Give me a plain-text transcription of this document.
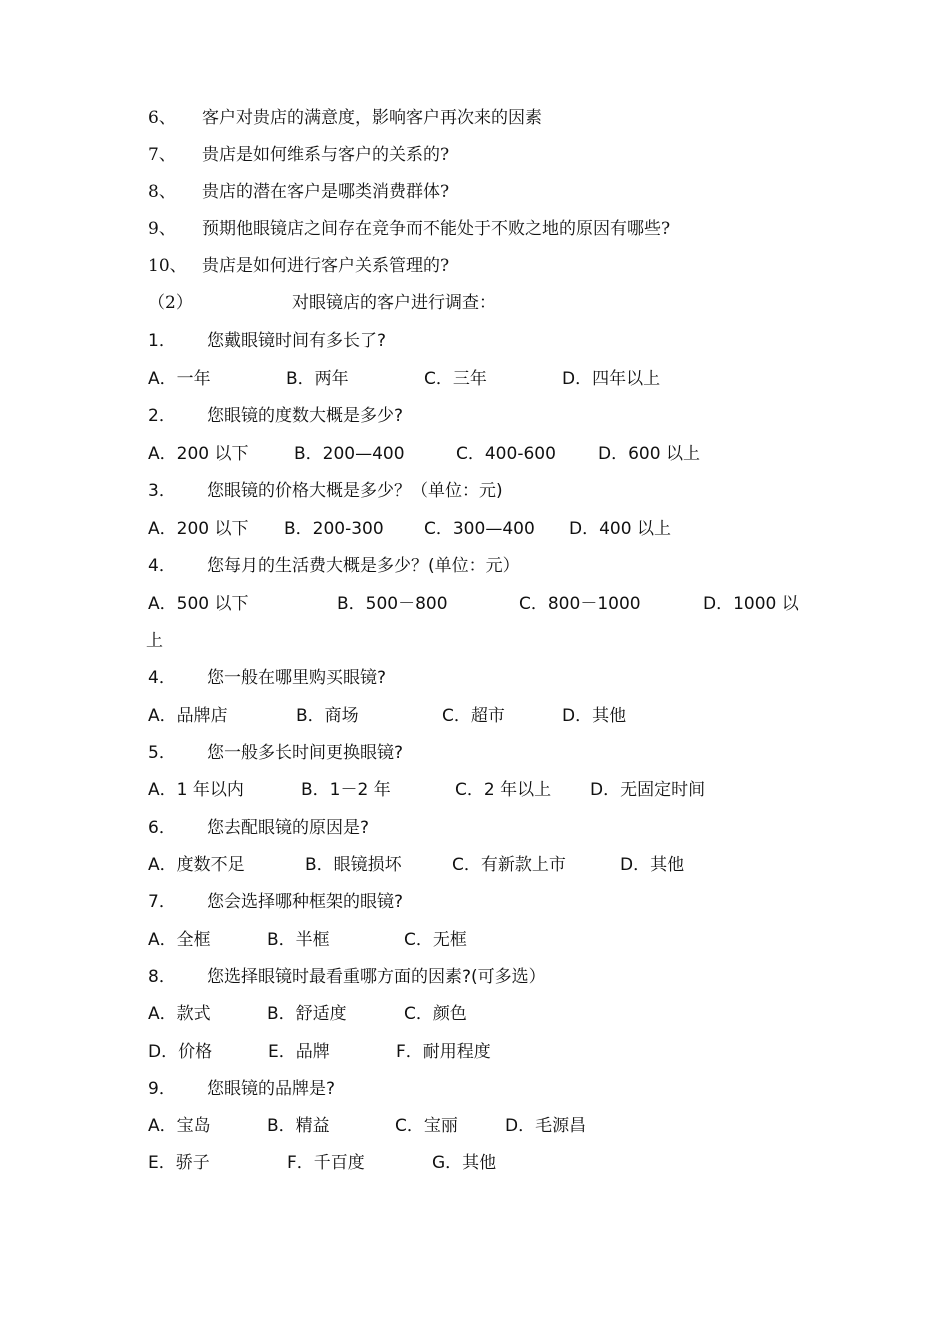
6、 客户对贵店的满意度，影响客户再次来的因素
7、 贵店是如何维系与客户的关系的?
8、 贵店的潜在客户是哪类消费群体?
9、 预期他眼镜店之间存在竞争而不能处于不败之地的原因有哪些?
10、 贵店是如何进行客户关系管理的?
（2）	对眼镜店的客户进行调查：
1． 您戴眼镜时间有多长了?
A．一年	B．两年	C．三年	D．四年以上
2． 您眼镜的度数大概是多少?
A．200 以下	B．200—400	C．400-600 D．600 以上
3． 您眼镜的价格大概是多少？（单位：元)
A．200 以下 B．200-300 C．300—400 D．400 以上
4． 您每月的生活费大概是多少？(单位：元）
A．500 以下	B．500－800	C．800－1000	D．1000 以
上
4． 您一般在哪里购买眼镜?
A．品牌店	B．商场	C．超市	D．其他
5． 您一般多长时间更换眼镜?
A．1 年以内	B．1－2 年	C．2 年以上 D．无固定时间
6． 您去配眼镜的原因是?
A．度数不足	B．眼镜损坏	C．有新款上市	D．其他
7． 您会选择哪种框架的眼镜?
A．全框	B．半框	C．无框
8． 您选择眼镜时最看重哪方面的因素?(可多选）
A．款式	B．舒适度	C．颜色
D．价格	E．品牌	F．耐用程度
9． 您眼镜的品牌是?
A．宝岛	B．精益	C．宝丽	D．毛源昌
E．骄子	F．千百度	G．其他
